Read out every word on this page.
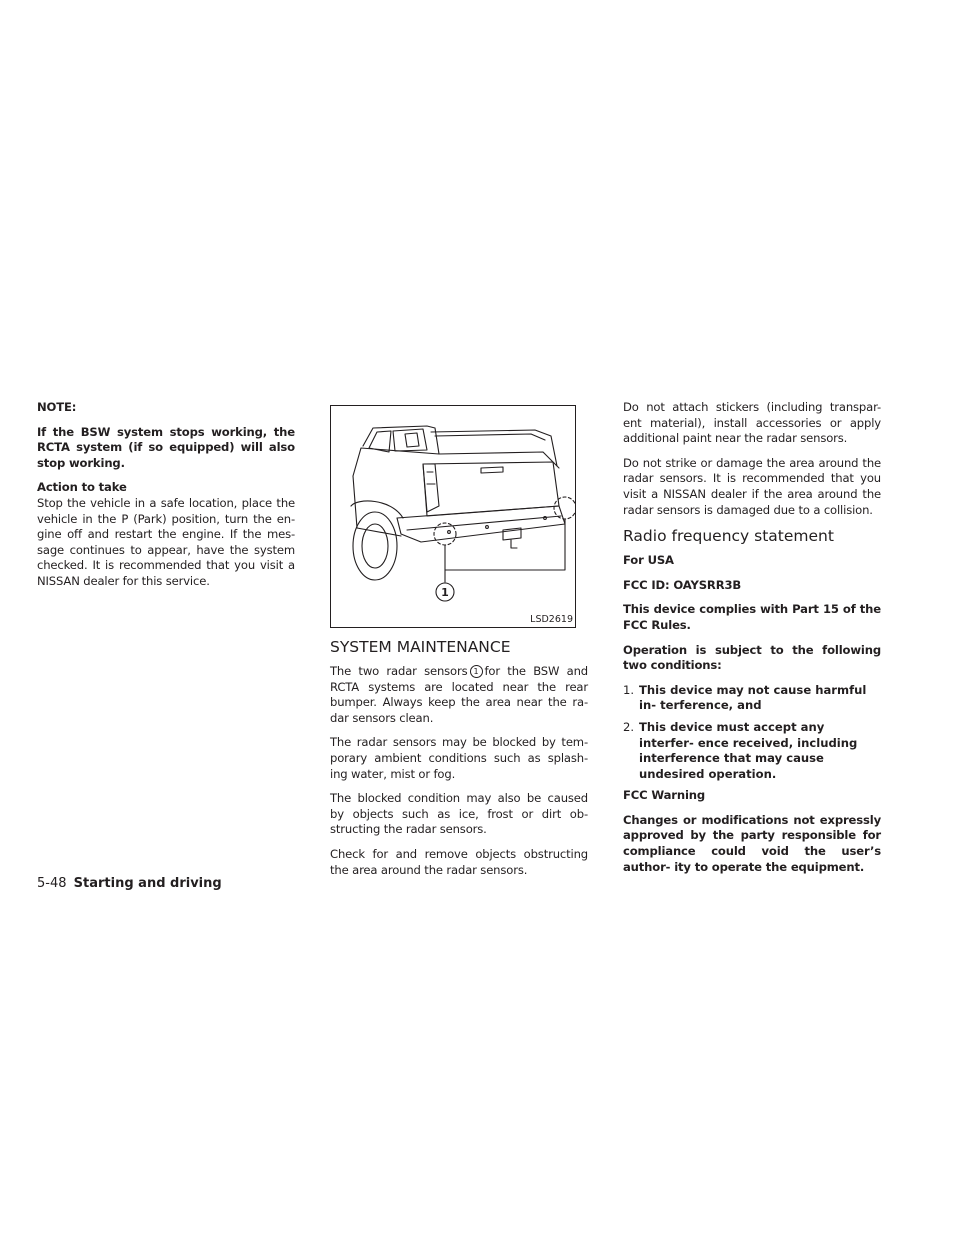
NOTE:

If the BSW system stops working, the RCTA system (if so equipped) will also stop working.

Action to take

Stop the vehicle in a safe location, place the vehicle in the P (Park) position, turn the en- gine off and restart the engine. If the mes- sage continues to appear, have the system checked. It is recommended that you visit a NISSAN dealer for this service.

1
LSD2619
SYSTEM MAINTENANCE

The two radar sensors 1 for the BSW and RCTA systems are located near the rear bumper. Always keep the area near the ra- dar sensors clean.

The radar sensors may be blocked by tem- porary ambient conditions such as splash- ing water, mist or fog.

The blocked condition may also be caused by objects such as ice, frost or dirt ob- structing the radar sensors.

Check for and remove objects obstructing the area around the radar sensors.

Do not attach stickers (including transpar- ent material), install accessories or apply additional paint near the radar sensors.

Do not strike or damage the area around the radar sensors. It is recommended that you visit a NISSAN dealer if the area around the radar sensors is damaged due to a collision.

Radio frequency statement

For USA

FCC ID: OAYSRR3B

This device complies with Part 15 of the FCC Rules.

Operation is subject to the following two conditions:

1. This device may not cause harmful in- terference, and
2. This device must accept any interfer- ence received, including interference that may cause undesired operation.

FCC Warning

Changes or modifications not expressly approved by the party responsible for compliance could void the user’s author- ity to operate the equipment.

5-48 Starting and driving
